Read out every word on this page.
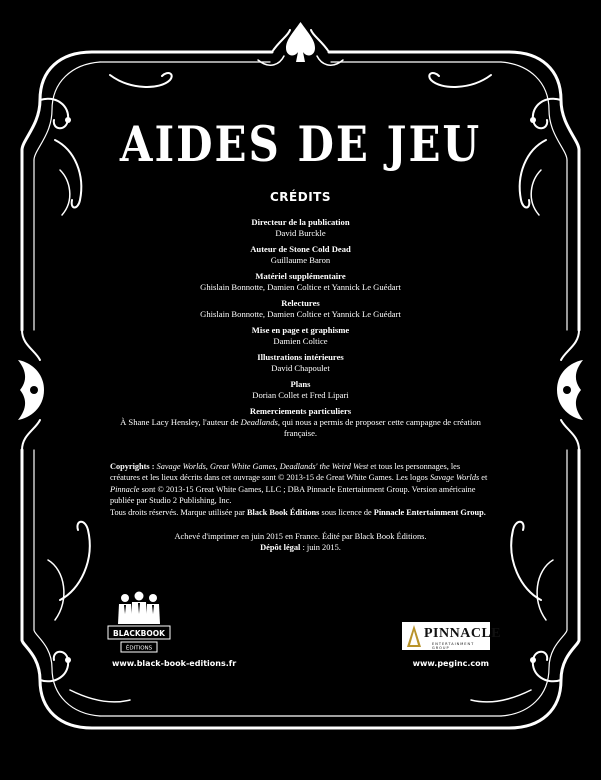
AIDES DE JEU
CRÉDITS
Directeur de la publication
David Burckle
Auteur de Stone Cold Dead
Guillaume Baron
Matériel supplémentaire
Ghislain Bonnotte, Damien Coltice et Yannick Le Guédart
Relectures
Ghislain Bonnotte, Damien Coltice et Yannick Le Guédart
Mise en page et graphisme
Damien Coltice
Illustrations intérieures
David Chapoulet
Plans
Dorian Collet et Fred Lipari
Remerciements particuliers
À Shane Lacy Hensley, l'auteur de Deadlands, qui nous a permis de proposer cette campagne de création française.

Copyrights : Savage Worlds, Great White Games, Deadlands' the Weird West et tous les personnages, les créatures et les lieux décrits dans cet ouvrage sont © 2013-15 de Great White Games. Les logos Savage Worlds et Pinnacle sont © 2013-15 Great White Games, LLC ; DBA Pinnacle Entertainment Group. Version américaine publiée par Studio 2 Publishing, Inc.

Tous droits réservés. Marque utilisée par Black Book Éditions sous licence de Pinnacle Entertainment Group.

Achevé d'imprimer en juin 2015 en France. Édité par Black Book Éditions.

Dépôt légal : juin 2015.

BLACKBOOK
ÉDITIONS
PINNACLE
ENTERTAINMENT GROUP
www.black-book-editions.fr	www.peginc.com
